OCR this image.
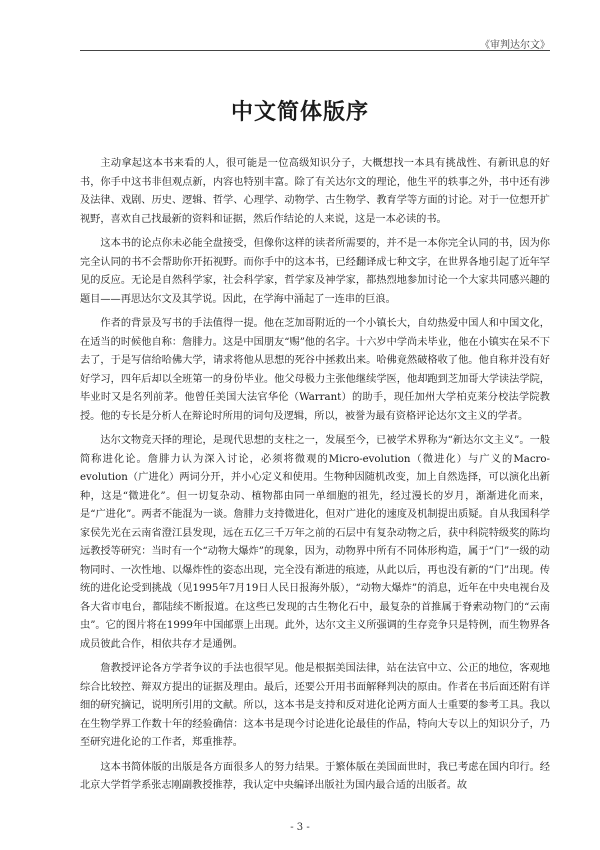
《审判达尔文》
中文简体版序

主动拿起这本书来看的人，很可能是一位高级知识分子，大概想找一本具有挑战性、有新讯息的好书，你手中这书非但观点新，内容也特别丰富。除了有关达尔文的理论，他生平的轶事之外，书中还有涉及法律、戏剧、历史、逻辑、哲学、心理学、动物学、古生物学、教育学等方面的讨论。对于一位想开扩视野，喜欢自己找最新的资料和证据，然后作结论的人来说，这是一本必读的书。

这本书的论点你未必能全盘接受，但像你这样的读者所需要的，并不是一本你完全认同的书，因为你完全认同的书不会帮助你开拓视野。而你手中的这本书，已经翻译成七种文字，在世界各地引起了近年罕见的反应。无论是自然科学家，社会科学家，哲学家及神学家，都热烈地参加讨论一个大家共同感兴趣的题目——再思达尔文及其学说。因此，在学海中涌起了一连串的巨浪。

作者的背景及写书的手法值得一提。他在芝加哥附近的一个小镇长大，自幼热爱中国人和中国文化，在适当的时候他自称：詹腓力。这是中国朋友“赐”他的名字。十六岁中学尚未毕业，他在小镇实在呆不下去了，于是写信给哈佛大学，请求将他从思想的死谷中拯救出来。哈佛竟然破格收了他。他自称并没有好好学习，四年后却以全班第一的身份毕业。他父母极力主张他继续学医，他却跑到芝加哥大学读法学院，毕业时又是名列前茅。他曾任美国大法官华伦（Warrant）的助手，现任加州大学柏克莱分校法学院教授。他的专长是分析人在辩论时所用的词句及逻辑，所以，被誉为最有资格评论达尔文主义的学者。

达尔文物竞天择的理论，是现代思想的支柱之一，发展至今，已被学术界称为“新达尔文主义”。一般简称进化论。詹腓力认为深入讨论，必须将微观的Micro-evolution（微进化）与广义的Macro-evolution（广进化）两词分开，并小心定义和使用。生物种因随机改变，加上自然选择，可以演化出新种，这是“微进化”。但一切复杂动、植物都由同一单细胞的祖先，经过漫长的岁月，渐渐进化而来，是“广进化”。两者不能混为一谈。詹腓力支持微进化，但对广进化的速度及机制提出质疑。自从我国科学家侯先光在云南省澄江县发现，远在五亿三千万年之前的石层中有复杂动物之后，获中科院特级奖的陈均远教授等研究：当时有一个“动物大爆炸”的现象，因为，动物界中所有不同体形构造，属于“门”一级的动物同时、一次性地、以爆炸性的姿态出现，完全没有渐进的痕迹，从此以后，再也没有新的“门”出现。传统的进化论受到挑战（见1995年7月19日人民日报海外版），“动物大爆炸”的消息，近年在中央电视台及各大省市电台，都陆续不断报道。在这些已发现的古生物化石中，最复杂的首推属于脊索动物门的“云南虫”。它的图片将在1999年中国邮票上出现。此外，达尔文主义所强调的生存竞争只是特例，而生物界各成员彼此合作，相依共存才是通例。

詹教授评论各方学者争议的手法也很罕见。他是根据美国法律，站在法官中立、公正的地位，客观地综合比较控、辩双方提出的证据及理由。最后，还要公开用书面解释判决的原由。作者在书后面还附有详细的研究摘记，说明所引用的文献。所以，这本书是支持和反对进化论两方面人士重要的参考工具。我以在生物学界工作数十年的经验确信：这本书是现今讨论进化论最佳的作品，特向大专以上的知识分子，乃至研究进化论的工作者，郑重推荐。

这本书简体版的出版是各方面很多人的努力结果。于繁体版在美国面世时，我已考虑在国内印行。经北京大学哲学系张志刚副教授推荐，我认定中央编译出版社为国内最合适的出版者。故

- 3 -
